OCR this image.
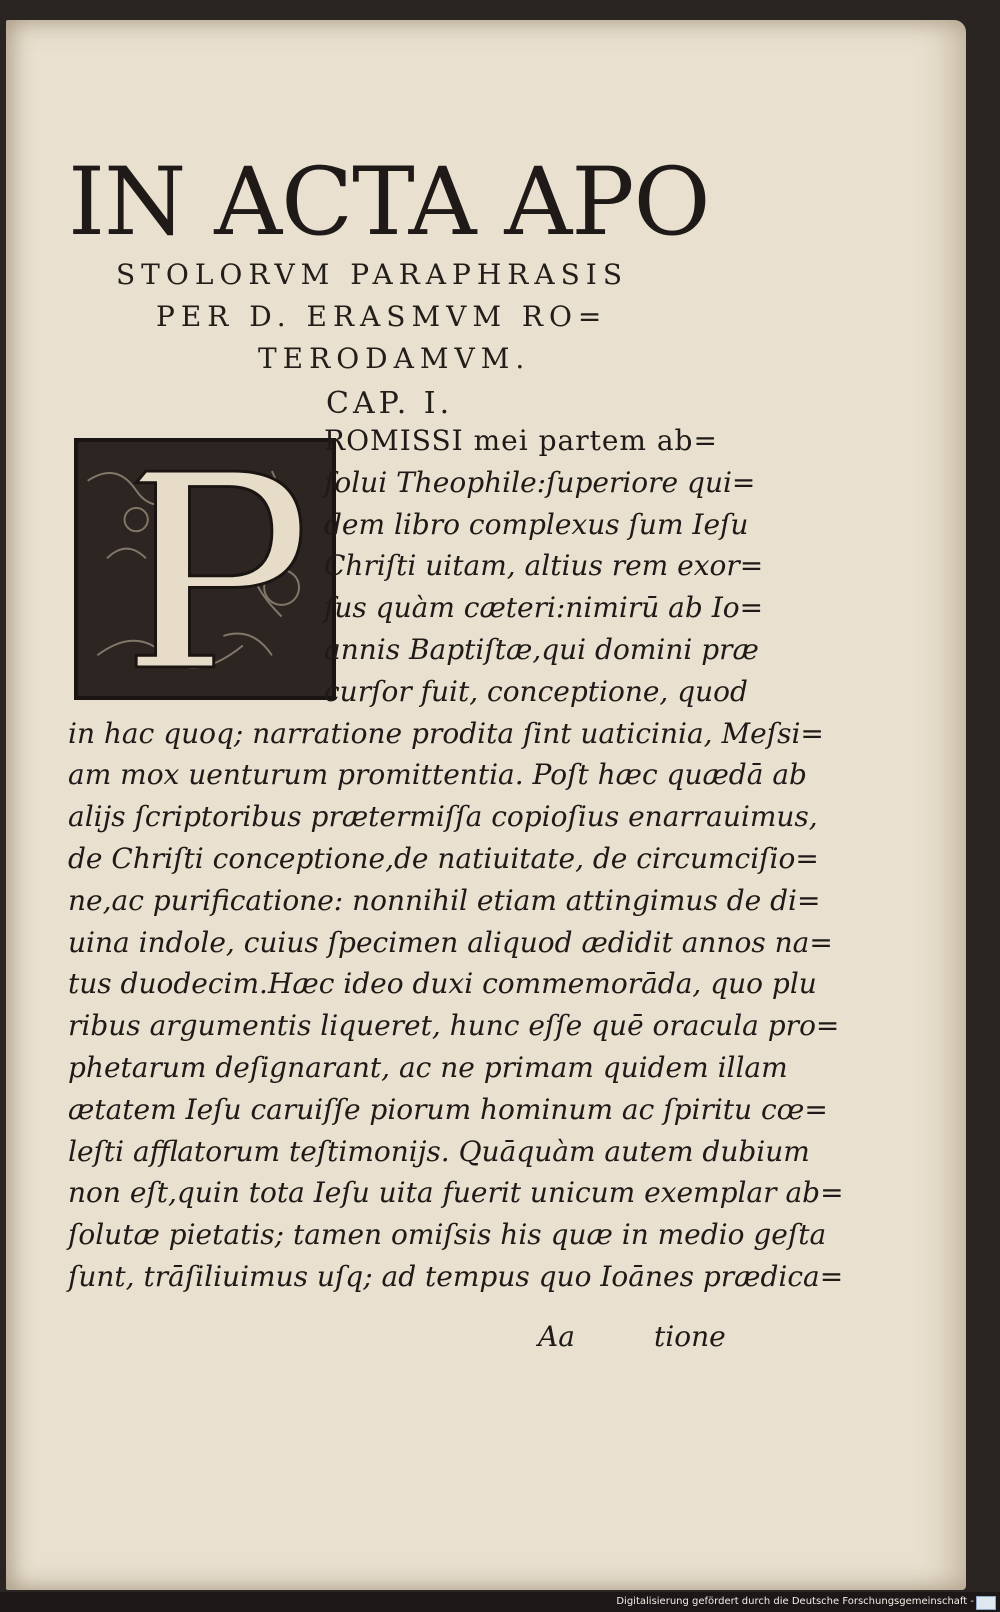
IN ACTA APO
STOLORVM PARAPHRASIS
PER D. ERASMVM RO=
TERODAMVM.
CAP. I.

ROMISSI mei partem ab=

ſolui Theophile:ſuperiore qui=

dem libro complexus ſum Ieſu

Chriſti uitam, altius rem exor=

ſus quàm cæteri:nimirū ab Io=

annis Baptiſtæ,qui domini præ

curſor fuit, conceptione, quod

in hac quoq; narratione prodita ſint uaticinia, Meſsi=

am mox uenturum promittentia. Poſt hæc quædā ab

alijs ſcriptoribus prætermiſſa copioſius enarrauimus,

de Chriſti conceptione,de natiuitate, de circumciſio=

ne,ac purificatione: nonnihil etiam attingimus de di=

uina indole, cuius ſpecimen aliquod ædidit annos na=

tus duodecim.Hæc ideo duxi commemorāda, quo plu

ribus argumentis liqueret, hunc eſſe quē oracula pro=

phetarum deſignarant, ac ne primam quidem illam

ætatem Ieſu caruiſſe piorum hominum ac ſpiritu cœ=

leſti afflatorum teſtimonijs. Quāquàm autem dubium

non eſt,quin tota Ieſu uita fuerit unicum exemplar ab=

ſolutæ pietatis; tamen omiſsis his quæ in medio geſta

ſunt, trāſiliuimus uſq; ad tempus quo Ioānes prædica=

Aa	tione
Digitalisierung gefördert durch die Deutsche Forschungsgemeinschaft -
